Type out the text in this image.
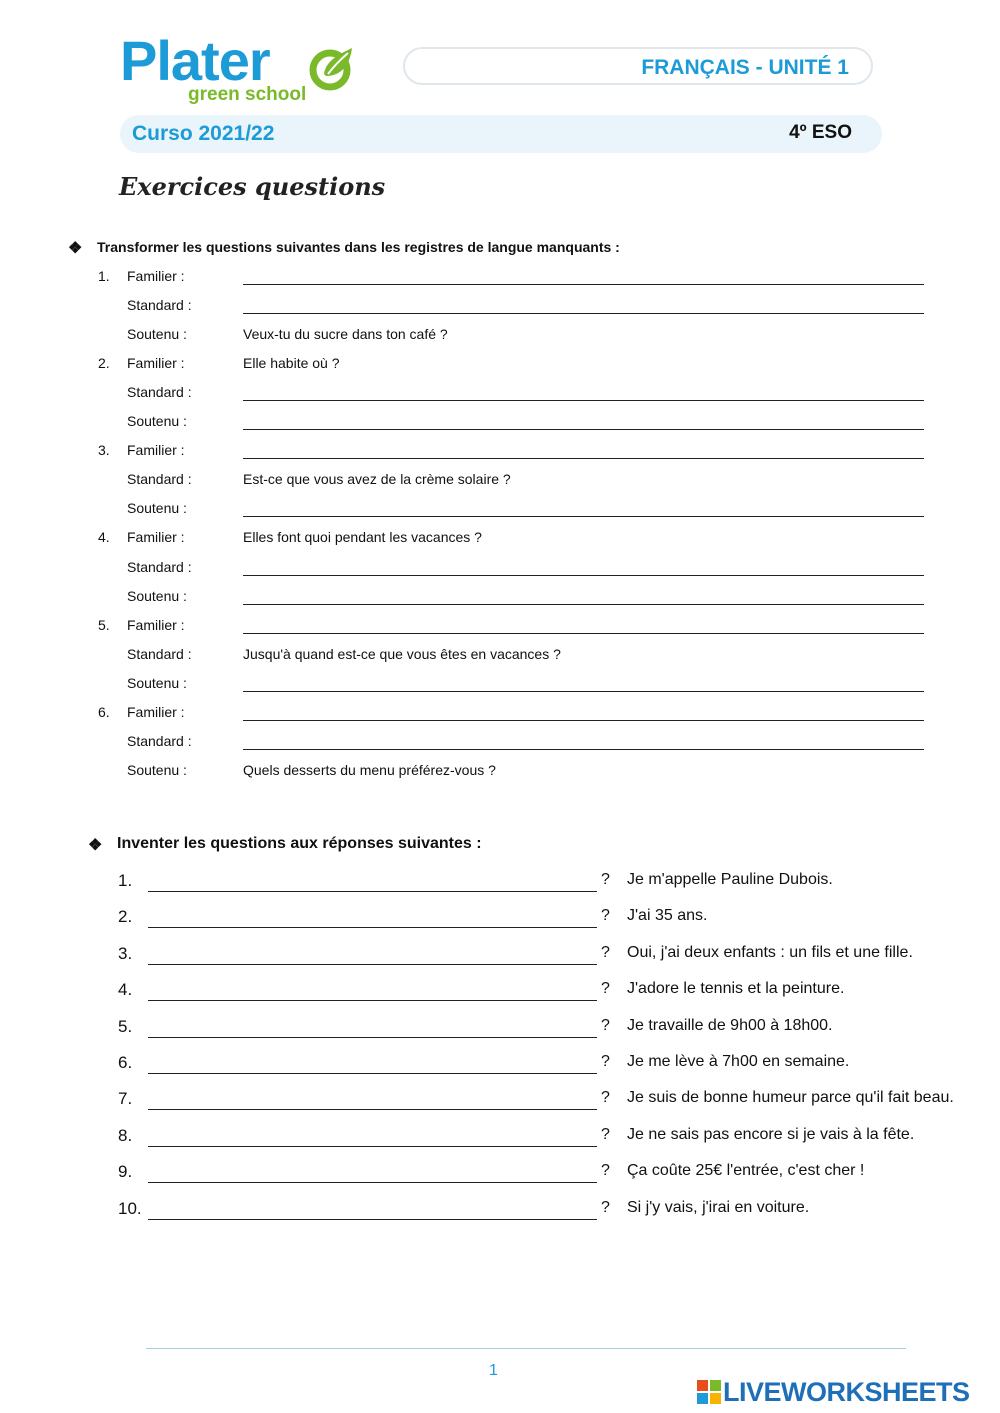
Plater
green school
FRANÇAIS - UNITÉ 1
Curso 2021/22	4º ESO
Exercices questions
❖ Transformer les questions suivantes dans les registres de langue manquants :
1. Familier :
Standard :
Soutenu :	Veux-tu du sucre dans ton café ?
2. Familier :	Elle habite où ?
Standard :
Soutenu :
3. Familier :
Standard :	Est-ce que vous avez de la crème solaire ?
Soutenu :
4. Familier :	Elles font quoi pendant les vacances ?
Standard :
Soutenu :
5. Familier :
Standard :	Jusqu'à quand est-ce que vous êtes en vacances ?
Soutenu :
6. Familier :
Standard :
Soutenu :	Quels desserts du menu préférez-vous ?
❖ Inventer les questions aux réponses suivantes :
1.	? Je m'appelle Pauline Dubois.
2.	? J'ai 35 ans.
3.	? Oui, j'ai deux enfants : un fils et une fille.
4.	? J'adore le tennis et la peinture.
5.	? Je travaille de 9h00 à 18h00.
6.	? Je me lève à 7h00 en semaine.
7.	? Je suis de bonne humeur parce qu'il fait beau.
8.	? Je ne sais pas encore si je vais à la fête.
9.	? Ça coûte 25€ l'entrée, c'est cher !
10.	? Si j'y vais, j'irai en voiture.
1
LIVEWORKSHEETS
